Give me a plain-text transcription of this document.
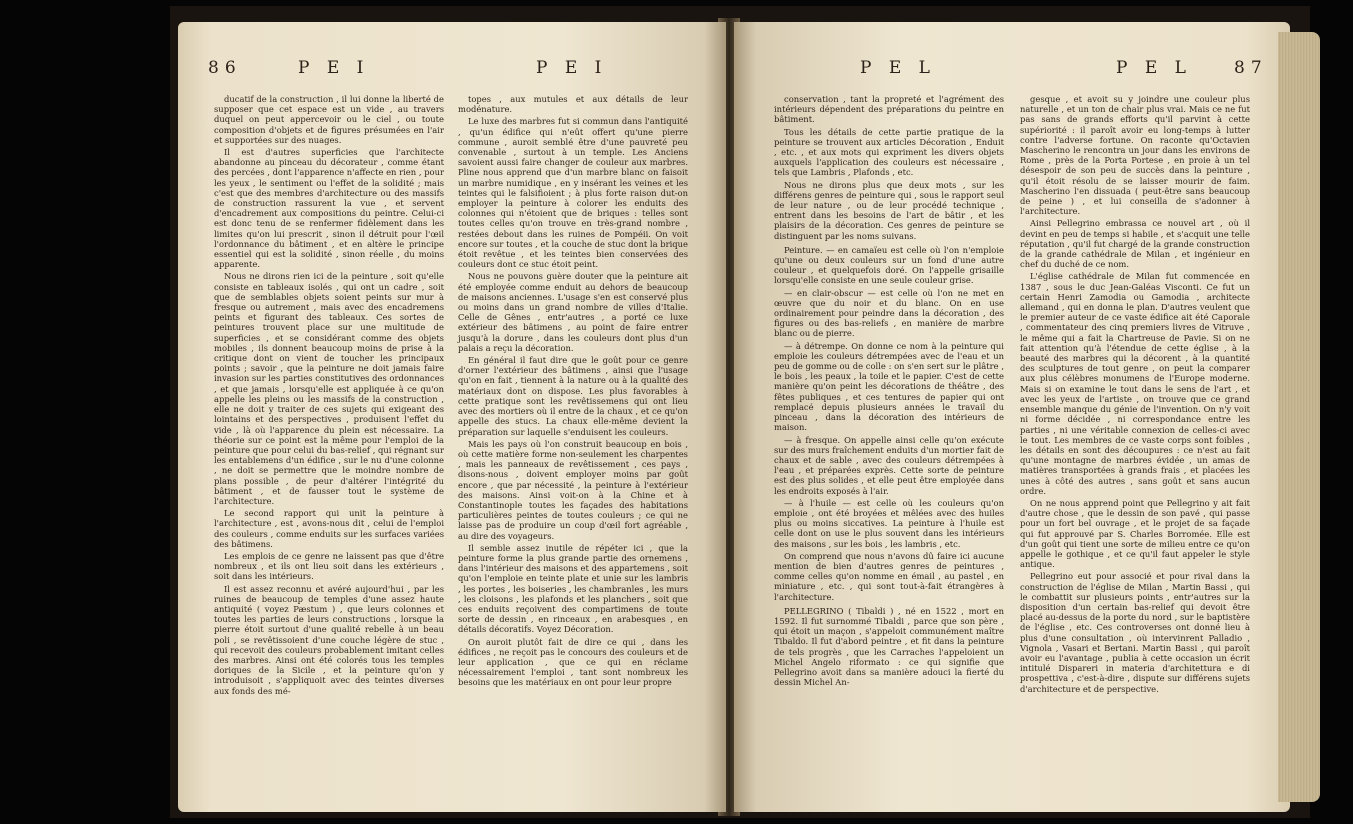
86	P E I	P E I

ducatif de la construction , il lui donne la liberté de supposer que cet espace est un vide , au travers duquel on peut appercevoir ou le ciel , ou toute composition d'objets et de figures présumées en l'air et supportées sur des nuages.

Il est d'autres superficies que l'architecte abandonne au pinceau du décorateur , comme étant des percées , dont l'apparence n'affecte en rien , pour les yeux , le sentiment ou l'effet de la solidité ; mais c'est que des membres d'architecture ou des massifs de construction rassurent la vue , et servent d'encadrement aux compositions du peintre. Celui-ci est donc tenu de se renfermer fidèlement dans les limites qu'on lui prescrit , sinon il détruit pour l'œil l'ordonnance du bâtiment , et en altère le principe essentiel qui est la solidité , sinon réelle , du moins apparente.

Nous ne dirons rien ici de la peinture , soit qu'elle consiste en tableaux isolés , qui ont un cadre , soit que de semblables objets soient peints sur mur à fresque ou autrement , mais avec des encadremens peints et figurant des tableaux. Ces sortes de peintures trouvent place sur une multitude de superficies , et se considérant comme des objets mobiles , ils donnent beaucoup moins de prise à la critique dont on vient de toucher les principaux points ; savoir , que la peinture ne doit jamais faire invasion sur les parties constitutives des ordonnances , et que jamais , lorsqu'elle est appliquée à ce qu'on appelle les pleins ou les massifs de la construction , elle ne doit y traiter de ces sujets qui exigeant des lointains et des perspectives , produisent l'effet du vide , là où l'apparence du plein est nécessaire. La théorie sur ce point est la même pour l'emploi de la peinture que pour celui du bas-relief , qui régnant sur les entablemens d'un édifice , sur le nu d'une colonne , ne doit se permettre que le moindre nombre de plans possible , de peur d'altérer l'intégrité du bâtiment , et de fausser tout le système de l'architecture.

Le second rapport qui unit la peinture à l'architecture , est , avons-nous dit , celui de l'emploi des couleurs , comme enduits sur les surfaces variées des bâtimens.

Les emplois de ce genre ne laissent pas que d'être nombreux , et ils ont lieu soit dans les extérieurs , soit dans les intérieurs.

Il est assez reconnu et avéré aujourd'hui , par les ruines de beaucoup de temples d'une assez haute antiquité ( voyez Pæstum ) , que leurs colonnes et toutes les parties de leurs constructions , lorsque la pierre étoit surtout d'une qualité rebelle à un beau poli , se revêtissoient d'une couche légère de stuc , qui recevoit des couleurs probablement imitant celles des marbres. Ainsi ont été colorés tous les temples doriques de la Sicile , et la peinture qu'on y introduisoit , s'appliquoit avec des teintes diverses aux fonds des mé-

topes , aux mutules et aux détails de leur modénature.

Le luxe des marbres fut si commun dans l'antiquité , qu'un édifice qui n'eût offert qu'une pierre commune , auroit semblé être d'une pauvreté peu convenable , surtout à un temple. Les Anciens savoient aussi faire changer de couleur aux marbres. Pline nous apprend que d'un marbre blanc on faisoit un marbre numidique , en y insérant les veines et les teintes qui le falsifioient ; à plus forte raison dut-on employer la peinture à colorer les enduits des colonnes qui n'étoient que de briques : telles sont toutes celles qu'on trouve en très-grand nombre , restées debout dans les ruines de Pompéii. On voit encore sur toutes , et la couche de stuc dont la brique étoit revêtue , et les teintes bien conservées des couleurs dont ce stuc étoit peint.

Nous ne pouvons guère douter que la peinture ait été employée comme enduit au dehors de beaucoup de maisons anciennes. L'usage s'en est conservé plus ou moins dans un grand nombre de villes d'Italie. Celle de Gênes , entr'autres , a porté ce luxe extérieur des bâtimens , au point de faire entrer jusqu'à la dorure , dans les couleurs dont plus d'un palais a reçu la décoration.

En général il faut dire que le goût pour ce genre d'orner l'extérieur des bâtimens , ainsi que l'usage qu'on en fait , tiennent à la nature ou à la qualité des matériaux dont on dispose. Les plus favorables à cette pratique sont les revêtissemens qui ont lieu avec des mortiers où il entre de la chaux , et ce qu'on appelle des stucs. La chaux elle-même devient la préparation sur laquelle s'enduisent les couleurs.

Mais les pays où l'on construit beaucoup en bois , où cette matière forme non-seulement les charpentes , mais les panneaux de revêtissement , ces pays , disons-nous , doivent employer moins par goût encore , que par nécessité , la peinture à l'extérieur des maisons. Ainsi voit-on à la Chine et à Constantinople toutes les façades des habitations particulières peintes de toutes couleurs ; ce qui ne laisse pas de produire un coup d'œil fort agréable , au dire des voyageurs.

Il semble assez inutile de répéter ici , que la peinture forme la plus grande partie des ornemens , dans l'intérieur des maisons et des appartemens , soit qu'on l'emploie en teinte plate et unie sur les lambris , les portes , les boiseries , les chambranles , les murs , les cloisons , les plafonds et les planchers , soit que ces enduits reçoivent des compartimens de toute sorte de dessin , en rinceaux , en arabesques , en détails décoratifs. Voyez Décoration.

On auroit plutôt fait de dire ce qui , dans les édifices , ne reçoit pas le concours des couleurs et de leur application , que ce qui en réclame nécessairement l'emploi , tant sont nombreux les besoins que les matériaux en ont pour leur propre

P E L	P E L 87

conservation , tant la propreté et l'agrément des intérieurs dépendent des préparations du peintre en bâtiment.

Tous les détails de cette partie pratique de la peinture se trouvent aux articles Décoration , Enduit , etc. , et aux mots qui expriment les divers objets auxquels l'application des couleurs est nécessaire , tels que Lambris , Plafonds , etc.

Nous ne dirons plus que deux mots , sur les différens genres de peinture qui , sous le rapport seul de leur nature , ou de leur procédé technique , entrent dans les besoins de l'art de bâtir , et les plaisirs de la décoration. Ces genres de peinture se distinguent par les noms suivans.

Peinture. — en camaïeu est celle où l'on n'emploie qu'une ou deux couleurs sur un fond d'une autre couleur , et quelquefois doré. On l'appelle grisaille lorsqu'elle consiste en une seule couleur grise.

— en clair-obscur — est celle où l'on ne met en œuvre que du noir et du blanc. On en use ordinairement pour peindre dans la décoration , des figures ou des bas-reliefs , en manière de marbre blanc ou de pierre.

— à détrempe. On donne ce nom à la peinture qui emploie les couleurs détrempées avec de l'eau et un peu de gomme ou de colle : on s'en sert sur le plâtre , le bois , les peaux , la toile et le papier. C'est de cette manière qu'on peint les décorations de théâtre , des fêtes publiques , et ces tentures de papier qui ont remplacé depuis plusieurs années le travail du pinceau , dans la décoration des intérieurs de maison.

— à fresque. On appelle ainsi celle qu'on exécute sur des murs fraîchement enduits d'un mortier fait de chaux et de sable , avec des couleurs détrempées à l'eau , et préparées exprès. Cette sorte de peinture est des plus solides , et elle peut être employée dans les endroits exposés à l'air.

— à l'huile — est celle où les couleurs qu'on emploie , ont été broyées et mêlées avec des huiles plus ou moins siccatives. La peinture à l'huile est celle dont on use le plus souvent dans les intérieurs des maisons , sur les bois , les lambris , etc.

On comprend que nous n'avons dû faire ici aucune mention de bien d'autres genres de peintures , comme celles qu'on nomme en émail , au pastel , en miniature , etc. , qui sont tout-à-fait étrangères à l'architecture.

PELLEGRINO ( Tibaldi ) , né en 1522 , mort en 1592. Il fut surnommé Tibaldi , parce que son père , qui étoit un maçon , s'appeloit communément maître Tibaldo. Il fut d'abord peintre , et fit dans la peinture de tels progrès , que les Carraches l'appeloient un Michel Angelo riformato : ce qui signifie que Pellegrino avoit dans sa manière adouci la fierté du dessin Michel An-

gesque , et avoit su y joindre une couleur plus naturelle , et un ton de chair plus vrai. Mais ce ne fut pas sans de grands efforts qu'il parvint à cette supériorité : il paroît avoir eu long-temps à lutter contre l'adverse fortune. On raconte qu'Octavien Mascherino le rencontra un jour dans les environs de Rome , près de la Porta Portese , en proie à un tel désespoir de son peu de succès dans la peinture , qu'il étoit résolu de se laisser mourir de faim. Mascherino l'en dissuada ( peut-être sans beaucoup de peine ) , et lui conseilla de s'adonner à l'architecture.

Ainsi Pellegrino embrassa ce nouvel art , où il devint en peu de temps si habile , et s'acquit une telle réputation , qu'il fut chargé de la grande construction de la grande cathédrale de Milan , et ingénieur en chef du duché de ce nom.

L'église cathédrale de Milan fut commencée en 1387 , sous le duc Jean-Galéas Visconti. Ce fut un certain Henri Zamodia ou Gamodia , architecte allemand , qui en donna le plan. D'autres veulent que le premier auteur de ce vaste édifice ait été Caporale , commentateur des cinq premiers livres de Vitruve , le même qui a fait la Chartreuse de Pavie. Si on ne fait attention qu'à l'étendue de cette église , à la beauté des marbres qui la décorent , à la quantité des sculptures de tout genre , on peut la comparer aux plus célèbres monumens de l'Europe moderne. Mais si on examine le tout dans le sens de l'art , et avec les yeux de l'artiste , on trouve que ce grand ensemble manque du génie de l'invention. On n'y voit ni forme décidée , ni correspondance entre les parties , ni une véritable connexion de celles-ci avec le tout. Les membres de ce vaste corps sont foibles , les détails en sont des découpures : ce n'est au fait qu'une montagne de marbres évidée , un amas de matières transportées à grands frais , et placées les unes à côté des autres , sans goût et sans aucun ordre.

On ne nous apprend point que Pellegrino y ait fait d'autre chose , que le dessin de son pavé , qui passe pour un fort bel ouvrage , et le projet de sa façade qui fut approuvé par S. Charles Borromée. Elle est d'un goût qui tient une sorte de milieu entre ce qu'on appelle le gothique , et ce qu'il faut appeler le style antique.

Pellegrino eut pour associé et pour rival dans la construction de l'église de Milan , Martin Bassi , qui le combattit sur plusieurs points , entr'autres sur la disposition d'un certain bas-relief qui devoit être placé au-dessus de la porte du nord , sur le baptistère de l'église , etc. Ces controverses ont donné lieu à plus d'une consultation , où intervinrent Palladio , Vignola , Vasari et Bertani. Martin Bassi , qui paroît avoir eu l'avantage , publia à cette occasion un écrit intitulé Dispareri in materia d'architettura e di prospettiva , c'est-à-dire , dispute sur différens sujets d'architecture et de perspective.
